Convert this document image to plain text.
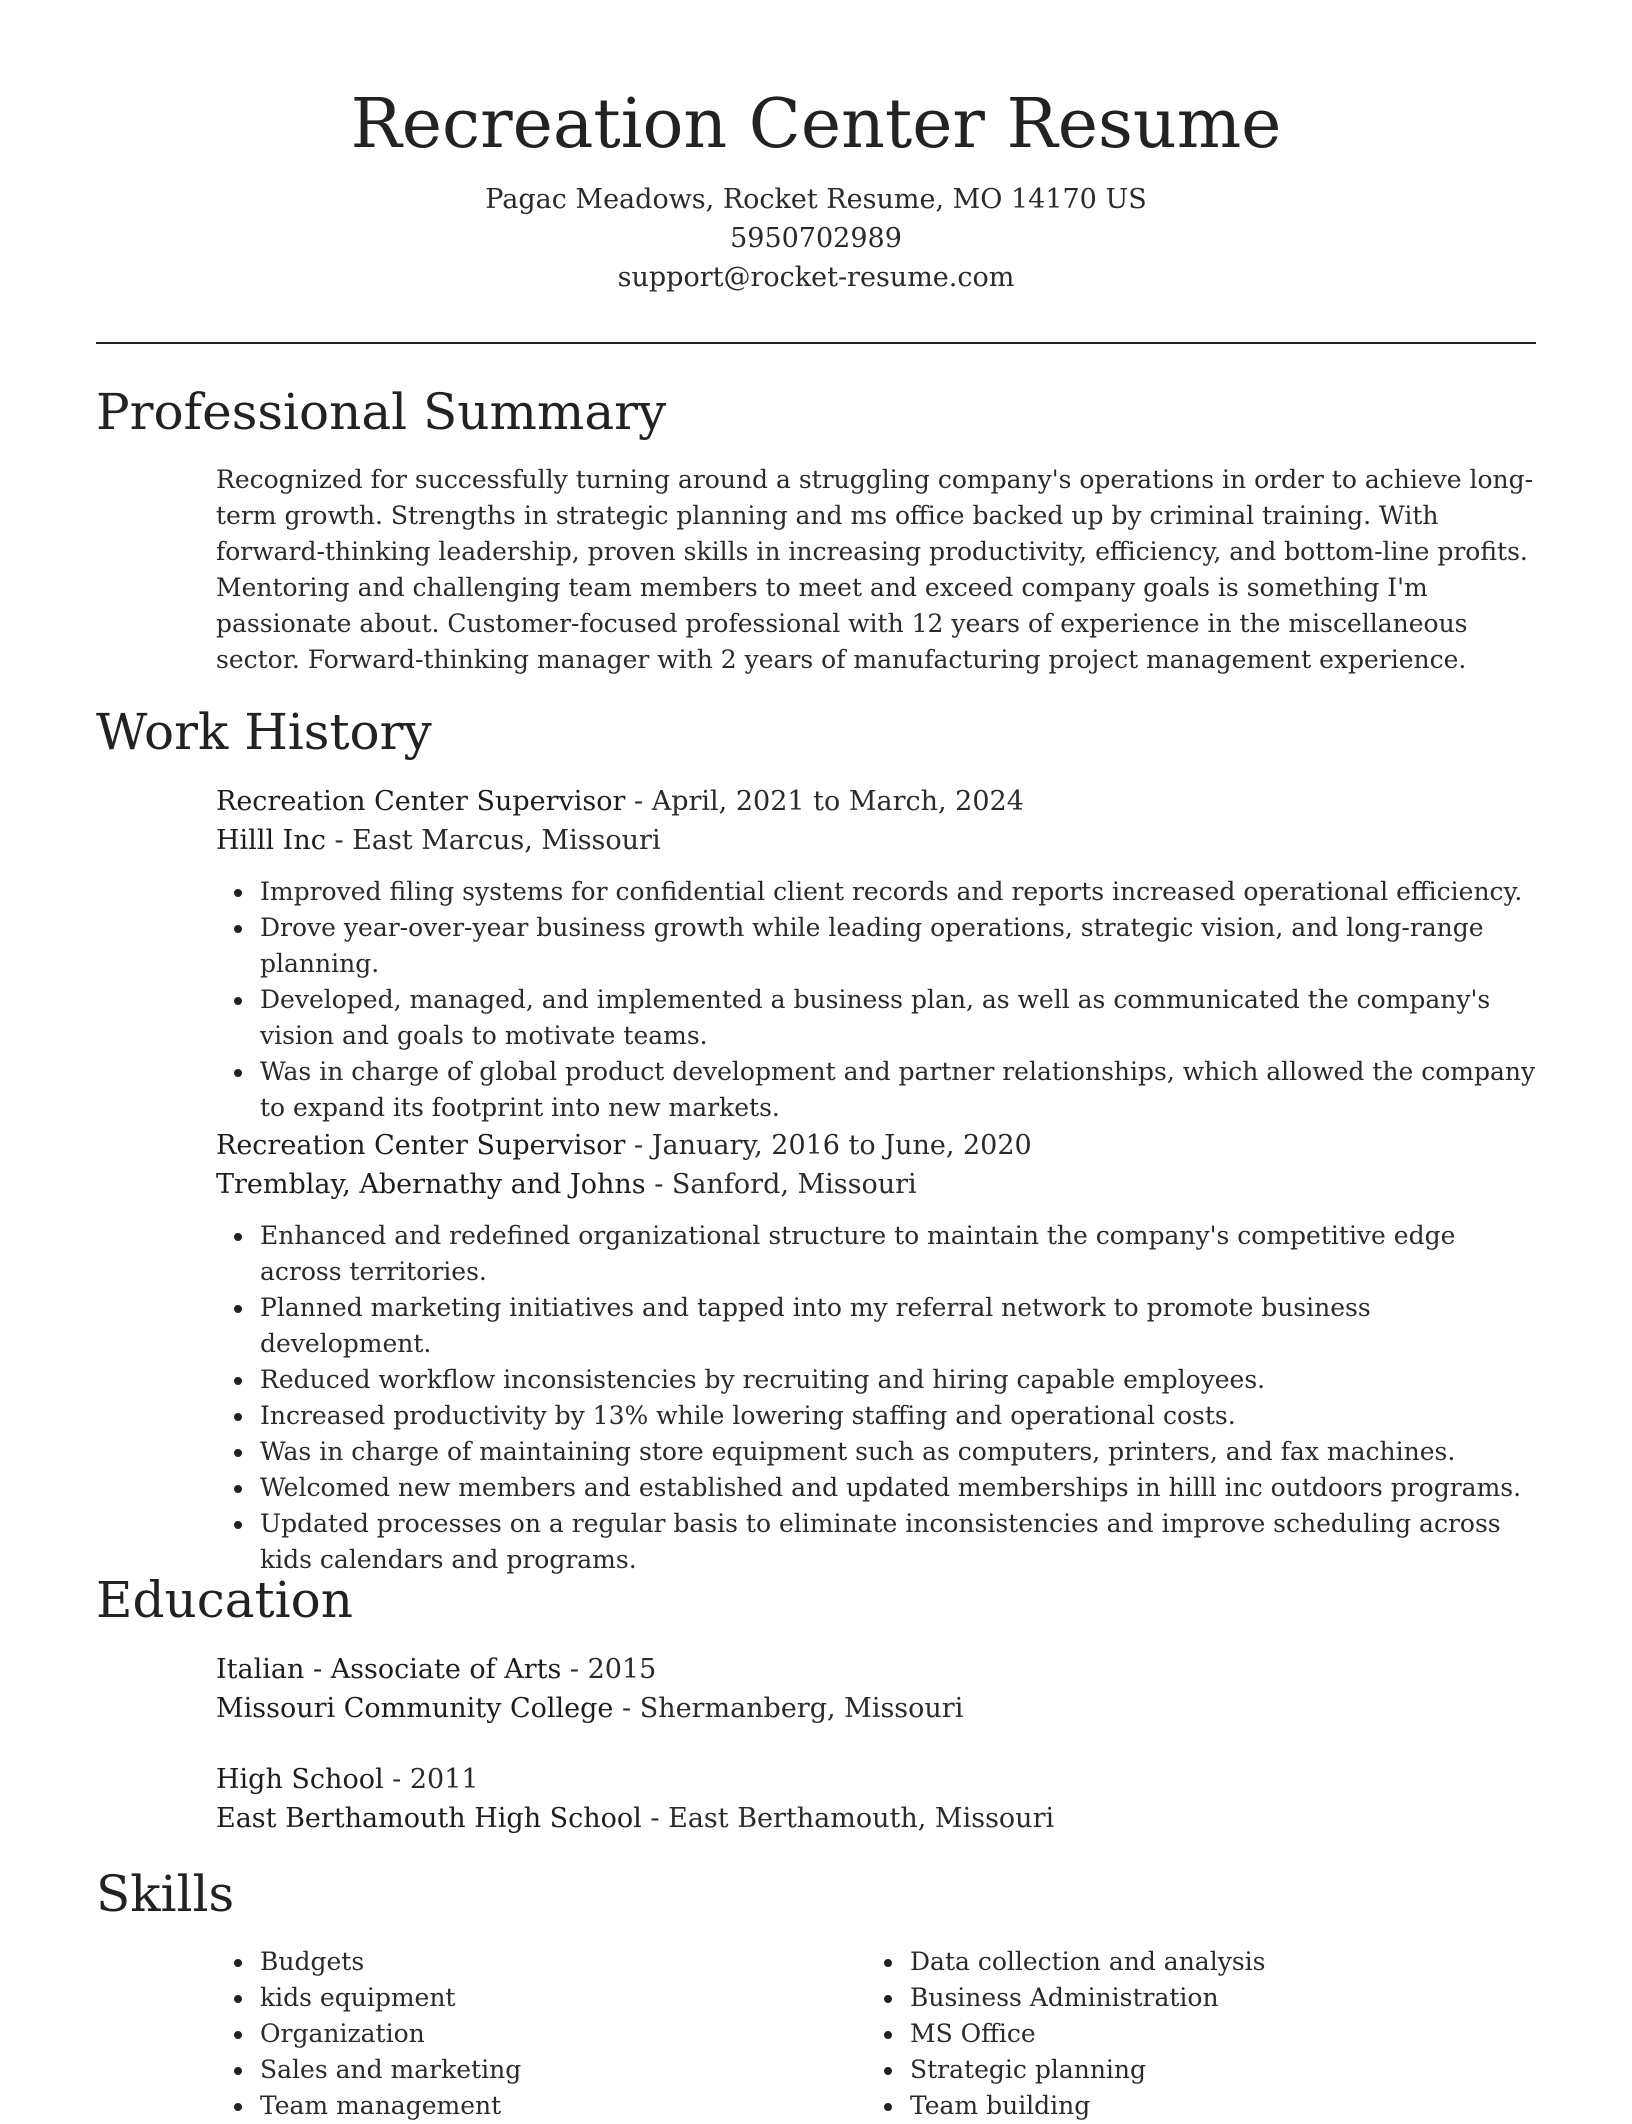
Recreation Center Resume
Pagac Meadows, Rocket Resume, MO 14170 US
5950702989
support@rocket-resume.com
Professional Summary

Recognized for successfully turning around a struggling company's operations in order to achieve long-term growth. Strengths in strategic planning and ms office backed up by criminal training. With forward-thinking leadership, proven skills in increasing productivity, efficiency, and bottom-line profits. Mentoring and challenging team members to meet and exceed company goals is something I'm passionate about. Customer-focused professional with 12 years of experience in the miscellaneous sector. Forward-thinking manager with 2 years of manufacturing project management experience.

Work History

Recreation Center Supervisor - April, 2021 to March, 2024

Hilll Inc - East Marcus, Missouri

Improved filing systems for confidential client records and reports increased operational efficiency.
Drove year-over-year business growth while leading operations, strategic vision, and long-range planning.
Developed, managed, and implemented a business plan, as well as communicated the company's vision and goals to motivate teams.
Was in charge of global product development and partner relationships, which allowed the company to expand its footprint into new markets.

Recreation Center Supervisor - January, 2016 to June, 2020

Tremblay, Abernathy and Johns - Sanford, Missouri

Enhanced and redefined organizational structure to maintain the company's competitive edge across territories.
Planned marketing initiatives and tapped into my referral network to promote business development.
Reduced workflow inconsistencies by recruiting and hiring capable employees.
Increased productivity by 13% while lowering staffing and operational costs.
Was in charge of maintaining store equipment such as computers, printers, and fax machines.
Welcomed new members and established and updated memberships in hilll inc outdoors programs.
Updated processes on a regular basis to eliminate inconsistencies and improve scheduling across kids calendars and programs.
Education

Italian - Associate of Arts - 2015

Missouri Community College - Shermanberg, Missouri

High School - 2011

East Berthamouth High School - East Berthamouth, Missouri

Skills
Budgets
kids equipment
Organization
Sales and marketing
Team management
Data collection and analysis
Business Administration
MS Office
Strategic planning
Team building
